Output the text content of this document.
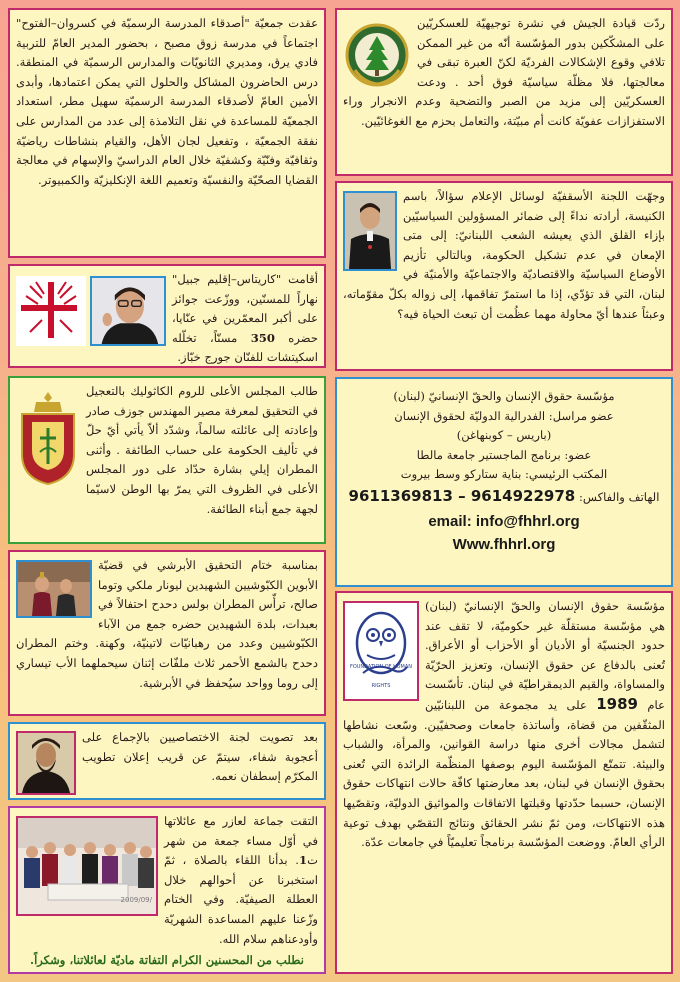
ردّت قيادة الجيش في نشرة توجيهيّة للعسكريّين على المشكّكين بدور المؤسّسة أنّه من غير الممكن تلافي وقوع الإشكالات الفرديّة لكنّ العبرة تبقى في معالجتها، فلا مظلّة سياسيّة فوق أحد . ودعت العسكريّين إلى مزيد من الصبر والتضحية وعدم الانجرار وراء الاستفزازات عفويّة كانت أم مبيّتة، والتعامل بحزم مع الغوغائيّين.
وجهّت اللجنة الأسقفيّة لوسائل الإعلام سؤالاً، باسم الكنيسة، أرادته نداءً إلى ضمائر المسؤولين السياسيّين بإزاء القلق الذي يعيشه الشعب اللبنانيّ: إلى متى الإمعان في عدم تشكيل الحكومة، وبالتالي تأزيم الأوضاع السياسيّة والاقتصاديّة والاجتماعيّة والأمنيّة في لبنان، التي قد تؤدّي، إذا ما استمرّ تفاقمها، إلى زواله بكلّ مقوّماته، وعبثاً عندها أيّ محاولة مهما عظُمت أن تبعث الحياة فيه؟

مؤسّسة حقوق الإنسان والحقّ الإنسانيّ (لبنان)

عضو مراسل: الفدرالية الدوليّة لحقوق الإنسان

(باريس – كوبنهاغن)

عضو: برنامج الماجستير جامعة مالطا

المكتب الرئيسي: بناية ستاركو وسط بيروت

الهاتف والفاكس: 9614922978 – 9611369813

email: info@fhhrl.org

Www.fhhrl.org

FOUNDATION OF HUMAN RIGHTS
مؤسّسة حقوق الإنسان والحقّ الإنسانيّ (لبنان) هي مؤسّسة مستقلّة غير حكوميّة، لا تقف عند حدود الجنسيّة أو الأديان أو الأحزاب أو الأعراق. تُعنى بالدفاع عن حقوق الإنسان، وتعزيز الحرّيّة والمساواة، والقيم الديمقراطيّة في لبنان. تأسّست عام 1989 على يد مجموعة من اللبنانيّين المثقّفين من قضاة، وأساتذة جامعات وصحفيّين. وسّعت نشاطها لتشمل مجالات أخرى منها دراسة القوانين، والمرأة، والشباب والبيئة. تتمتّع المؤسّسة اليوم بوصفها المنظّمة الرائدة التي تُعنى بحقوق الإنسان في لبنان، بعد معارضتها كافّة حالات انتهاكات حقوق الإنسان، حسبما حدّدتها وقبلتها الاتفاقات والمواثيق الدوليّة، وتقصّيها هذه الانتهاكات، ومن ثمّ نشر الحقائق ونتائج التقصّي بهدف توعية الرأي العامّ. ووضعت المؤسّسة برنامجاً تعليميّاً في جامعات عدّة.
عقدت جمعيّة "أصدقاء المدرسة الرسميّة في كسروان–الفتوح" اجتماعاً في مدرسة زوق مصبح ، بحضور المدير العامّ للتربية فادي يرق، ومديري الثانويّات والمدارس الرسميّة في المنطقة. درس الحاضرون المشاكل والحلول التي يمكن اعتمادها، وأبدى الأمين العامّ لأصدقاء المدرسة الرسميّة سهيل مطر، استعداد الجمعيّة للمساعدة في نقل التلامذة إلى عدد من المدارس على نفقة الجمعيّة ، وتفعيل لجان الأهل، والقيام بنشاطات رياضيّة وثقافيّة وفنّيّة وكشفيّة خلال العام الدراسيّ والإسهام في معالجة القضايا الصحّيّة والنفسيّة وتعميم اللغة الإنكليزيّة والكمبيوتر.
أقامت "كاريتاس–إقليم جبيل" نهاراً للمسنّين، ووزّعت جوائز على أكبر المعمّرين في عنّايا، حضره 350 مسنّاً، تخلّله اسكيتشات للفنّان جورج خبّاز.
طالب المجلس الأعلى للروم الكاثوليك بالتعجيل في التحقيق لمعرفة مصير المهندس جوزف صادر وإعادته إلى عائلته سالماً، وشدّد ألاّ يأتي أيّ حلّ في تأليف الحكومة على حساب الطائفة . وأثنى المطران إيلي بشارة حدّاد على دور المجلس الأعلى في الظروف التي يمرّ بها الوطن لاسيّما لجهة جمع أبناء الطائفة.
بمناسبة ختام التحقيق الأبرشي في قضيّة الأبوين الكبّوشيين الشهيدين ليونار ملكي وتوما صالح، ترأّس المطران بولس دحدح احتفالاً في بعبدات، بلدة الشهيدين حضره جمع من الآباء الكبّوشيين وعدد من رهبانيّات لاتينيّة، وكهنة. وختم المطران دحدح بالشمع الأحمر ثلاث ملفّات إثنان سيحملهما الأب تيساري إلى روما وواحد سيُحفظ في الأبرشية.
بعد تصويت لجنة الاختصاصيين بالإجماع على أعجوبة شفاء، سيتمّ عن قريب إعلان تطويب المكرّم إسطفان نعمه.
2009/09/
التقت جماعة لعازر مع عائلاتها في أوّل مساء جمعة من شهر ت1. بدأنا اللقاء بالصلاة ، ثمّ استخبرنا عن أحوالهم خلال العطلة الصيفيّة. وفي الختام وزّعنا عليهم المساعدة الشهريّة وأودعناهم سلام الله.
نطلب من المحسنين الكرام التفاتة ماديّة لعائلاتنا، وشكراً.
